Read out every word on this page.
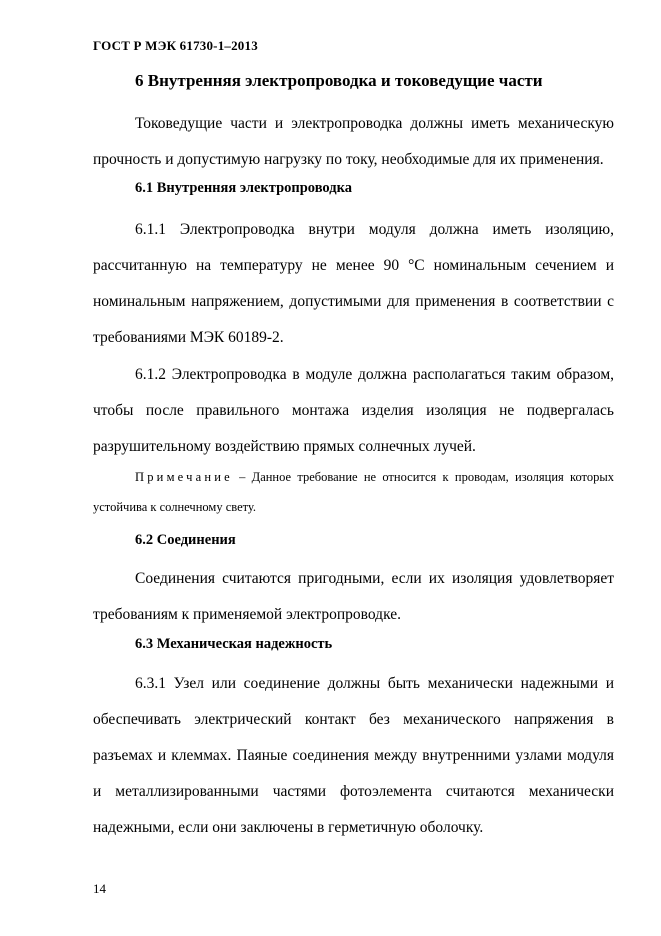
ГОСТ Р МЭК 61730-1–2013
6 Внутренняя электропроводка и токоведущие части

Токоведущие части и электропроводка должны иметь механическую прочность и допустимую нагрузку по току, необходимые для их применения.

6.1 Внутренняя электропроводка

6.1.1 Электропроводка внутри модуля должна иметь изоляцию, рассчитанную на температуру не менее 90 °С номинальным сечением и номинальным напряжением, допустимыми для применения в соответствии с требованиями МЭК 60189-2.

6.1.2 Электропроводка в модуле должна располагаться таким образом, чтобы после правильного монтажа изделия изоляция не подвергалась разрушительному воздействию прямых солнечных лучей.

Примечание – Данное требование не относится к проводам, изоляция которых устойчива к солнечному свету.

6.2 Соединения

Соединения считаются пригодными, если их изоляция удовлетворяет требованиям к применяемой электропроводке.

6.3 Механическая надежность

6.3.1 Узел или соединение должны быть механически надежными и обеспечивать электрический контакт без механического напряжения в разъемах и клеммах. Паяные соединения между внутренними узлами модуля и металлизированными частями фотоэлемента считаются механически надежными, если они заключены в герметичную оболочку.

14
